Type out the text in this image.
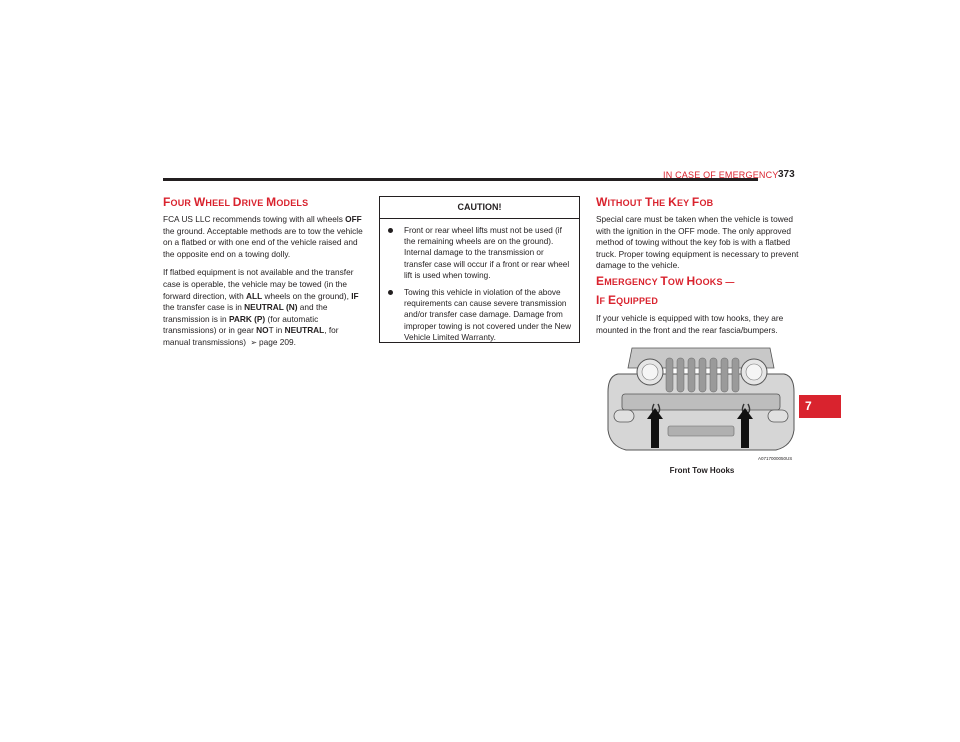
IN CASE OF EMERGENCY 373
FOUR WHEEL DRIVE MODELS

FCA US LLC recommends towing with all wheels OFF the ground. Acceptable methods are to tow the vehicle on a flatbed or with one end of the vehicle raised and the opposite end on a towing dolly.

If flatbed equipment is not available and the transfer case is operable, the vehicle may be towed (in the forward direction, with ALL wheels on the ground), IF the transfer case is in NEUTRAL (N) and the transmission is in PARK (P) (for automatic transmissions) or in gear NOT in NEUTRAL, for manual transmissions) ➢ page 209.

CAUTION!
Front or rear wheel lifts must not be used (if the remaining wheels are on the ground). Internal damage to the transmission or transfer case will occur if a front or rear wheel lift is used when towing.
Towing this vehicle in violation of the above requirements can cause severe transmission and/or transfer case damage. Damage from improper towing is not covered under the New Vehicle Limited Warranty.
WITHOUT THE KEY FOB
Special care must be taken when the vehicle is towed with the ignition in the OFF mode. The only approved method of towing without the key fob is with a flatbed truck. Proper towing equipment is necessary to prevent damage to the vehicle.
EMERGENCY TOW HOOKS —
IF EQUIPPED
If your vehicle is equipped with tow hooks, they are mounted in the front and the rear fascia/bumpers.
A0717000050US
Front Tow Hooks
7
